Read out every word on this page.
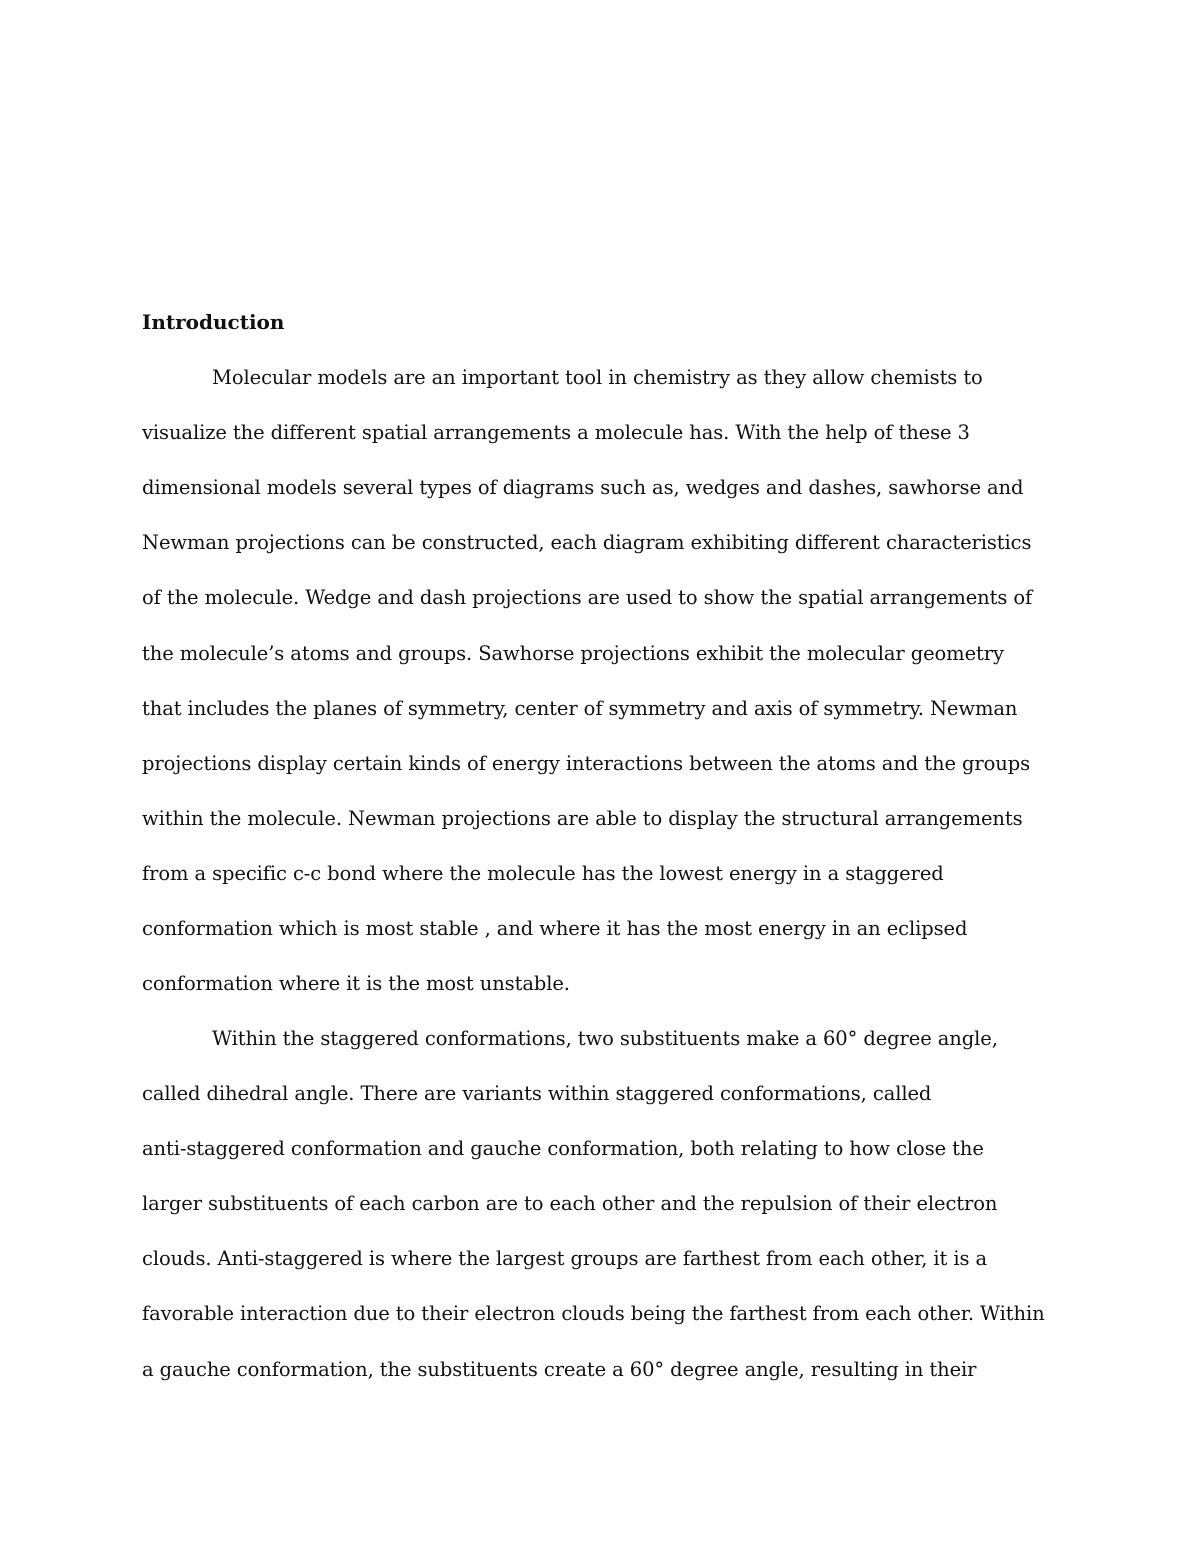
Introduction
Molecular models are an important tool in chemistry as they allow chemists to
visualize the different spatial arrangements a molecule has. With the help of these 3
dimensional models several types of diagrams such as, wedges and dashes, sawhorse and
Newman projections can be constructed, each diagram exhibiting different characteristics
of the molecule. Wedge and dash projections are used to show the spatial arrangements of
the molecule’s atoms and groups. Sawhorse projections exhibit the molecular geometry
that includes the planes of symmetry, center of symmetry and axis of symmetry. Newman
projections display certain kinds of energy interactions between the atoms and the groups
within the molecule. Newman projections are able to display the structural arrangements
from a specific c-c bond where the molecule has the lowest energy in a staggered
conformation which is most stable , and where it has the most energy in an eclipsed
conformation where it is the most unstable.
Within the staggered conformations, two substituents make a 60° degree angle,
called dihedral angle. There are variants within staggered conformations, called
anti-staggered conformation and gauche conformation, both relating to how close the
larger substituents of each carbon are to each other and the repulsion of their electron
clouds. Anti-staggered is where the largest groups are farthest from each other, it is a
favorable interaction due to their electron clouds being the farthest from each other. Within
a gauche conformation, the substituents create a 60° degree angle, resulting in their
